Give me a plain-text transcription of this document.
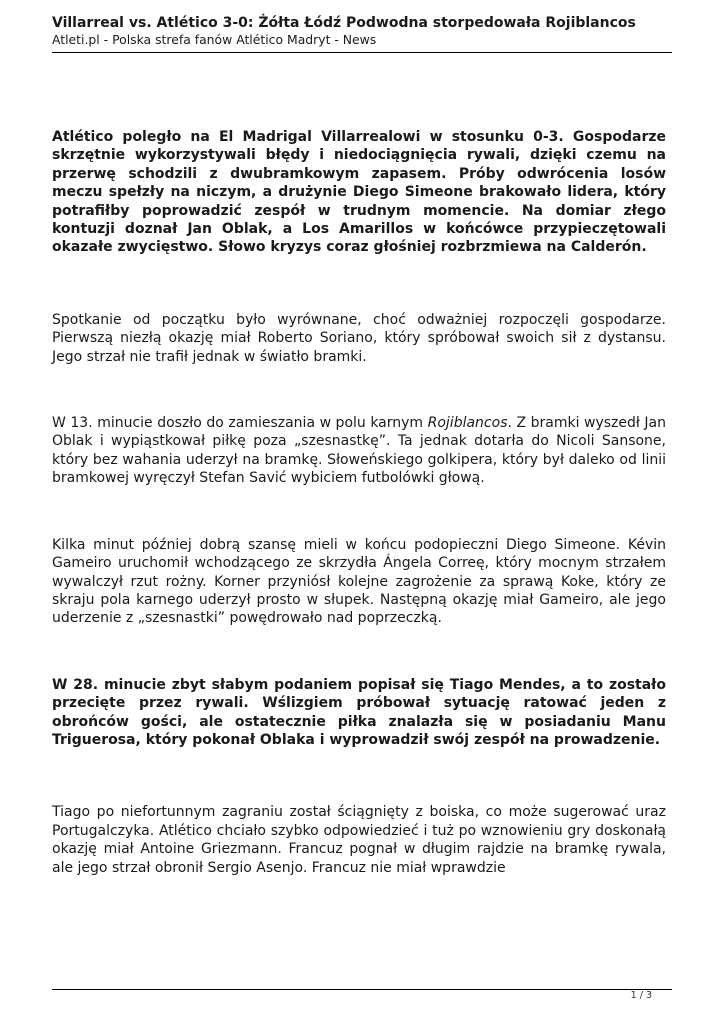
Villarreal vs. Atlético 3-0: Żółta Łódź Podwodna storpedowała Rojiblancos
Atleti.pl - Polska strefa fanów Atlético Madryt - News

Atlético poległo na El Madrigal Villarrealowi w stosunku 0-3. Gospodarze skrzętnie wykorzystywali błędy i niedociągnięcia rywali, dzięki czemu na przerwę schodzili z dwubramkowym zapasem. Próby odwrócenia losów meczu spełzły na niczym, a drużynie Diego Simeone brakowało lidera, który potrafiłby poprowadzić zespół w trudnym momencie. Na domiar złego kontuzji doznał Jan Oblak, a Los Amarillos w końcówce przypieczętowali okazałe zwycięstwo. Słowo kryzys coraz głośniej rozbrzmiewa na Calderón.

Spotkanie od początku było wyrównane, choć odważniej rozpoczęli gospodarze. Pierwszą niezłą okazję miał Roberto Soriano, który spróbował swoich sił z dystansu. Jego strzał nie trafił jednak w światło bramki.

W 13. minucie doszło do zamieszania w polu karnym Rojiblancos. Z bramki wyszedł Jan Oblak i wypiąstkował piłkę poza „szesnastkę”. Ta jednak dotarła do Nicoli Sansone, który bez wahania uderzył na bramkę. Słoweńskiego golkipera, który był daleko od linii bramkowej wyręczył Stefan Savić wybiciem futbolówki głową.

Kilka minut później dobrą szansę mieli w końcu podopieczni Diego Simeone. Kévin Gameiro uruchomił wchodzącego ze skrzydła Ángela Correę, który mocnym strzałem wywalczył rzut rożny. Korner przyniósł kolejne zagrożenie za sprawą Koke, który ze skraju pola karnego uderzył prosto w słupek. Następną okazję miał Gameiro, ale jego uderzenie z „szesnastki” powędrowało nad poprzeczką.

W 28. minucie zbyt słabym podaniem popisał się Tiago Mendes, a to zostało przecięte przez rywali. Wślizgiem próbował sytuację ratować jeden z obrońców gości, ale ostatecznie piłka znalazła się w posiadaniu Manu Triguerosa, który pokonał Oblaka i wyprowadził swój zespół na prowadzenie.

Tiago po niefortunnym zagraniu został ściągnięty z boiska, co może sugerować uraz Portugalczyka. Atlético chciało szybko odpowiedzieć i tuż po wznowieniu gry doskonałą okazję miał Antoine Griezmann. Francuz pognał w długim rajdzie na bramkę rywala, ale jego strzał obronił Sergio Asenjo. Francuz nie miał wprawdzie

1 / 3
